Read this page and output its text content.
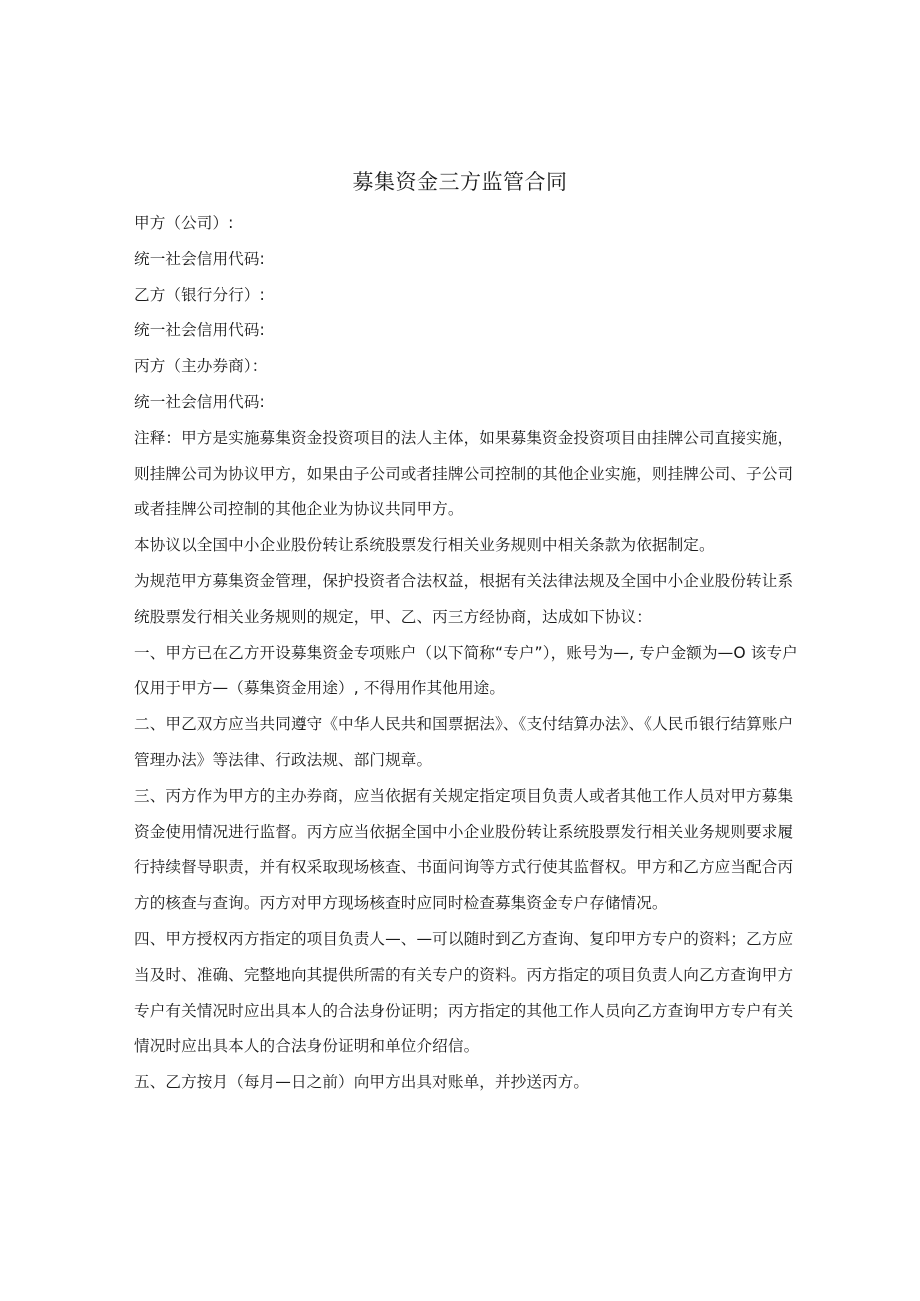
募集资金三方监管合同

甲方（公司）:

统一社会信用代码:

乙方（银行分行）:

统一社会信用代码:

丙方（主办券商）：

统一社会信用代码:

注释：甲方是实施募集资金投资项目的法人主体，如果募集资金投资项目由挂牌公司直接实施，则挂牌公司为协议甲方，如果由子公司或者挂牌公司控制的其他企业实施，则挂牌公司、子公司或者挂牌公司控制的其他企业为协议共同甲方。

本协议以全国中小企业股份转让系统股票发行相关业务规则中相关条款为依据制定。

为规范甲方募集资金管理，保护投资者合法权益，根据有关法律法规及全国中小企业股份转让系统股票发行相关业务规则的规定，甲、乙、丙三方经协商，达成如下协议：

一、甲方已在乙方开设募集资金专项账户（以下简称“专户”），账号为—, 专户金额为—O 该专户仅用于甲方—（募集资金用途）, 不得用作其他用途。

二、甲乙双方应当共同遵守《中华人民共和国票据法》、《支付结算办法》、《人民币银行结算账户管理办法》等法律、行政法规、部门规章。

三、丙方作为甲方的主办券商，应当依据有关规定指定项目负责人或者其他工作人员对甲方募集资金使用情况进行监督。丙方应当依据全国中小企业股份转让系统股票发行相关业务规则要求履行持续督导职责，并有权采取现场核查、书面问询等方式行使其监督权。甲方和乙方应当配合丙方的核查与查询。丙方对甲方现场核查时应同时检查募集资金专户存储情况。

四、甲方授权丙方指定的项目负责人—、—可以随时到乙方查询、复印甲方专户的资料；乙方应当及时、准确、完整地向其提供所需的有关专户的资料。丙方指定的项目负责人向乙方查询甲方专户有关情况时应出具本人的合法身份证明；丙方指定的其他工作人员向乙方查询甲方专户有关情况时应出具本人的合法身份证明和单位介绍信。

五、乙方按月（每月—日之前）向甲方出具对账单，并抄送丙方。
